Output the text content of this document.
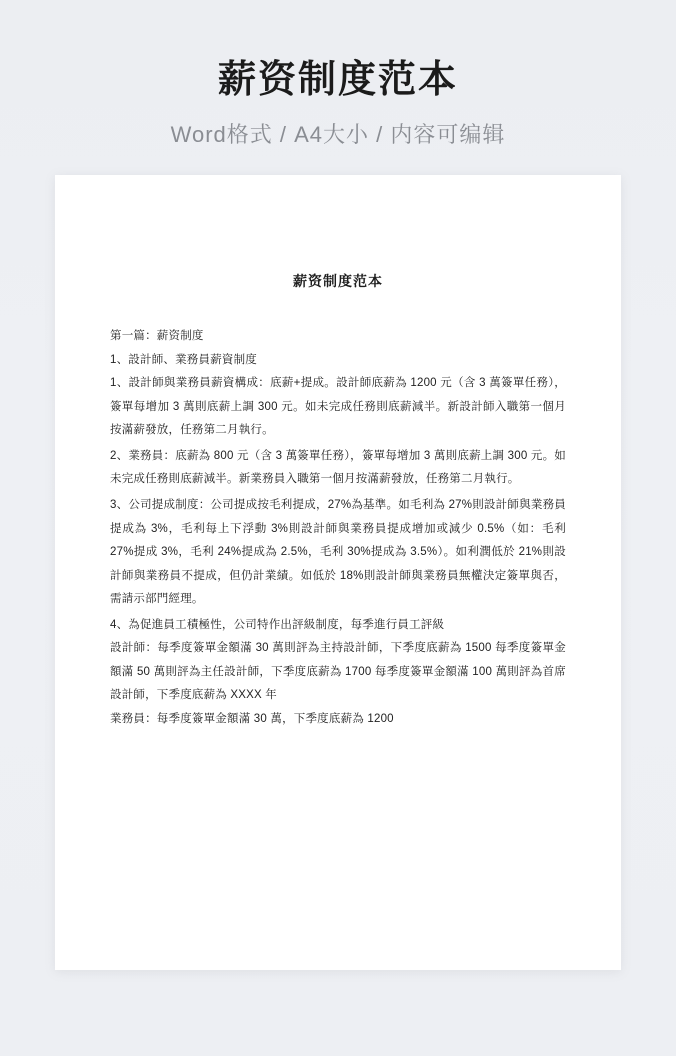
薪资制度范本
Word格式 / A4大小 / 内容可编辑
薪资制度范本

第一篇：薪资制度

1、設計師、業務員薪資制度

1、設計師與業務員薪資構成：底薪+提成。設計師底薪為 1200 元（含 3 萬簽單任務），簽單每增加 3 萬則底薪上調 300 元。如未完成任務則底薪減半。新設計師入職第一個月按滿薪發放，任務第二月執行。

2、業務員：底薪為 800 元（含 3 萬簽單任務），簽單每增加 3 萬則底薪上調 300 元。如未完成任務則底薪減半。新業務員入職第一個月按滿薪發放，任務第二月執行。

3、公司提成制度：公司提成按毛利提成，27%為基準。如毛利為 27%則設計師與業務員提成為 3%，毛利每上下浮動 3%則設計師與業務員提成增加或減少 0.5%（如：毛利 27%提成 3%，毛利 24%提成為 2.5%，毛利 30%提成為 3.5%）。如利潤低於 21%則設計師與業務員不提成，但仍計業績。如低於 18%則設計師與業務員無權決定簽單與否，需請示部門經理。

4、為促進員工積極性，公司特作出評級制度，每季進行員工評級

設計師：每季度簽單金額滿 30 萬則評為主持設計師，下季度底薪為 1500 每季度簽單金額滿 50 萬則評為主任設計師，下季度底薪為 1700 每季度簽單金額滿 100 萬則評為首席設計師，下季度底薪為 XXXX 年

業務員：每季度簽單金額滿 30 萬，下季度底薪為 1200
